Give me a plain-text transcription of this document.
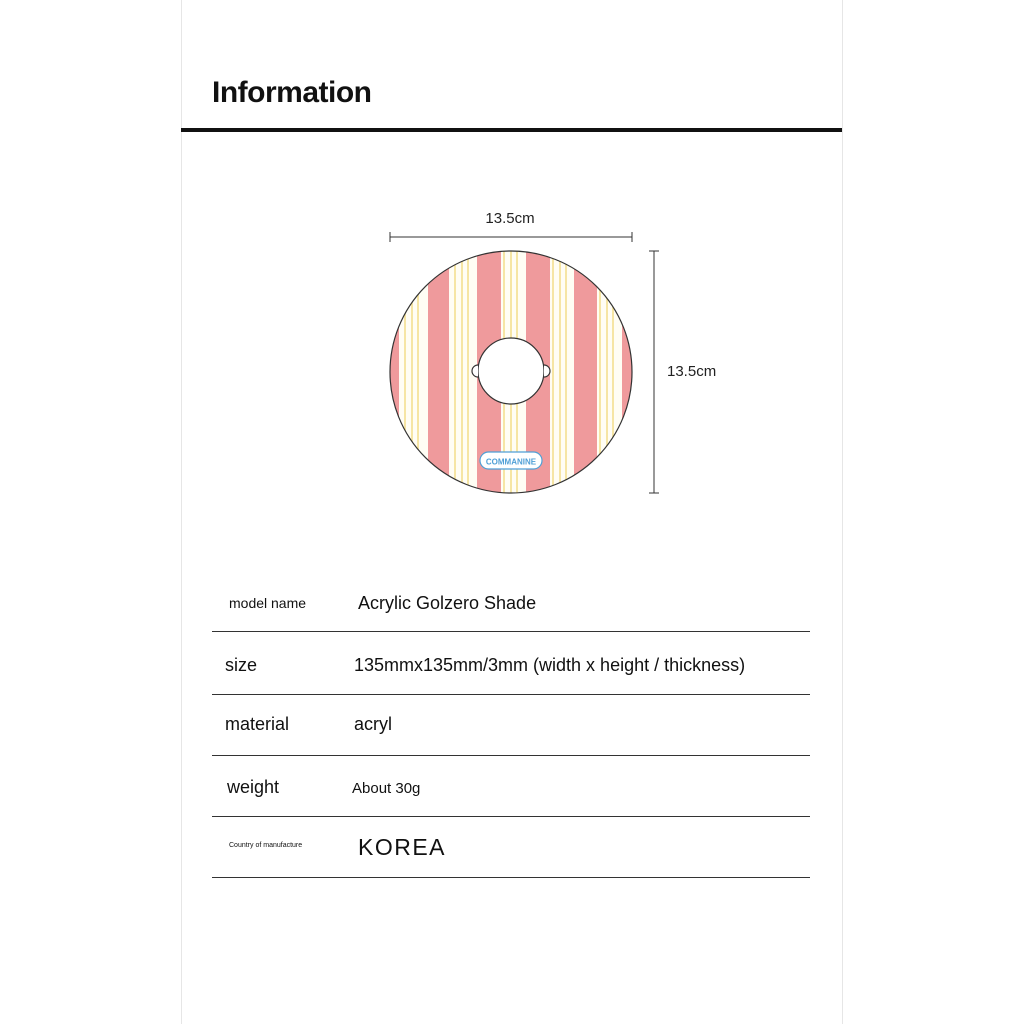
Information
COMMANINE
13.5cm
13.5cm
model name	Acrylic Golzero Shade
size	135mmx135mm/3mm (width x height / thickness)
material	acryl
weight	About 30g
Country of manufacture KOREA
